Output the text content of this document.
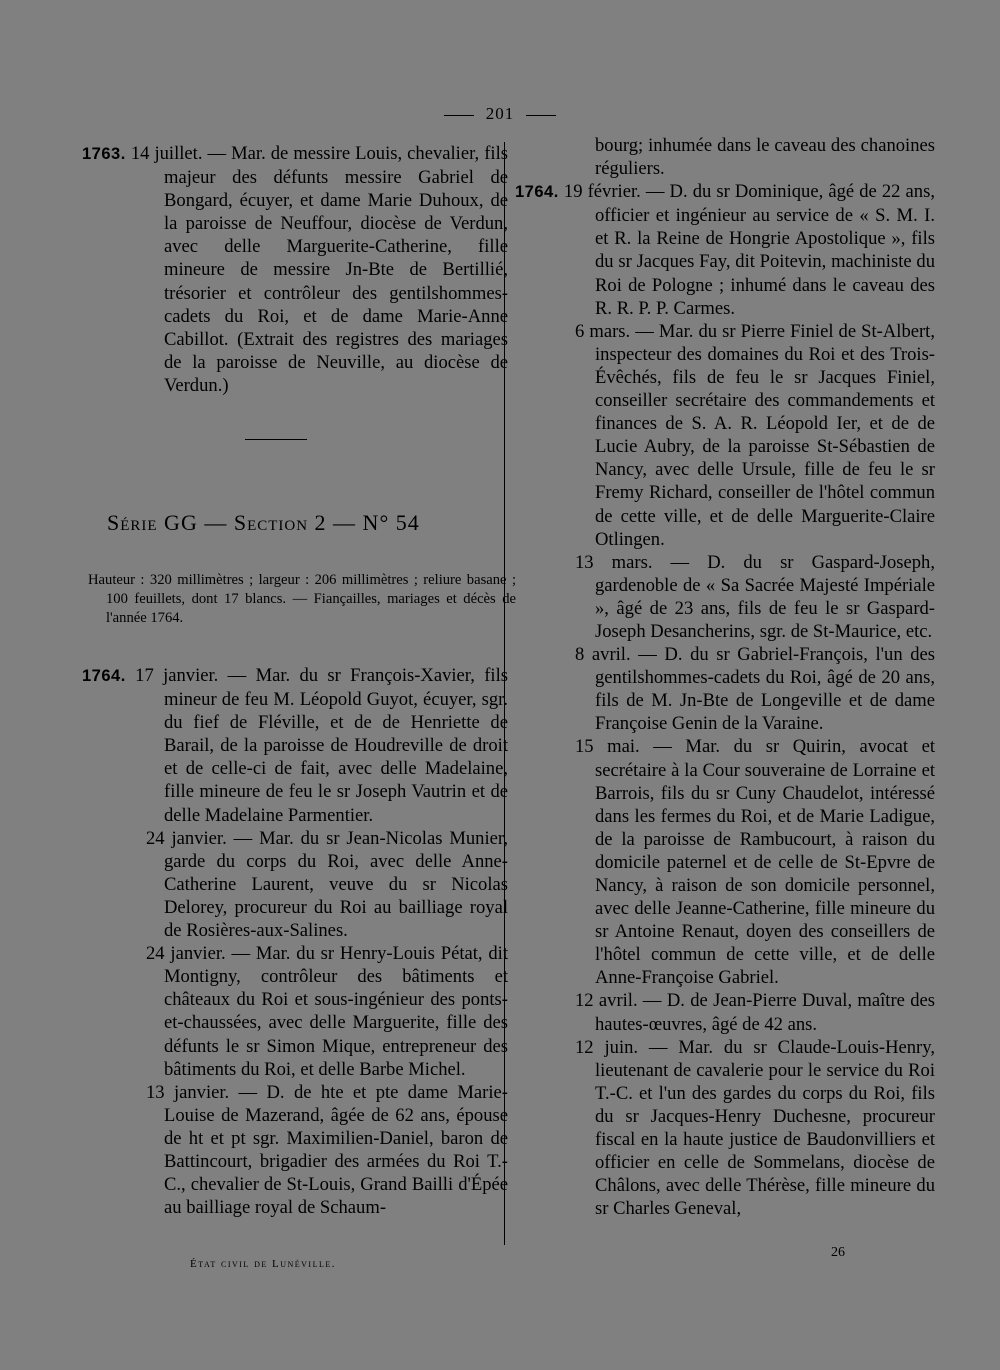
201

1763. 14 juillet. — Mar. de messire Louis, chevalier, fils majeur des défunts messire Gabriel de Bongard, écuyer, et dame Marie Duhoux, de la paroisse de Neuffour, diocèse de Verdun, avec delle Marguerite-Catherine, fille mineure de messire Jn-Bte de Bertillié, trésorier et contrôleur des gentilshommes-cadets du Roi, et de dame Marie-Anne Cabillot. (Extrait des registres des mariages de la paroisse de Neuville, au diocèse de Verdun.)

Série GG — Section 2 — N° 54
Hauteur : 320 millimètres ; largeur : 206 millimètres ; reliure basane ; 100 feuillets, dont 17 blancs. — Fiançailles, mariages et décès de l'année 1764.

1764. 17 janvier. — Mar. du sr François-Xavier, fils mineur de feu M. Léopold Guyot, écuyer, sgr. du fief de Fléville, et de de Henriette de Barail, de la paroisse de Houdreville de droit et de celle-ci de fait, avec delle Madelaine, fille mineure de feu le sr Joseph Vautrin et de delle Madelaine Parmentier.

24 janvier. — Mar. du sr Jean-Nicolas Munier, garde du corps du Roi, avec delle Anne-Catherine Laurent, veuve du sr Nicolas Delorey, procureur du Roi au bailliage royal de Rosières-aux-Salines.

24 janvier. — Mar. du sr Henry-Louis Pétat, dit Montigny, contrôleur des bâtiments et châteaux du Roi et sous-ingénieur des ponts-et-chaussées, avec delle Marguerite, fille des défunts le sr Simon Mique, entrepreneur des bâtiments du Roi, et delle Barbe Michel.

13 janvier. — D. de hte et pte dame Marie-Louise de Mazerand, âgée de 62 ans, épouse de ht et pt sgr. Maximilien-Daniel, baron de Battincourt, brigadier des armées du Roi T.-C., chevalier de St-Louis, Grand Bailli d'Épée au bailliage royal de Schaum-

bourg; inhumée dans le caveau des chanoines réguliers.

1764. 19 février. — D. du sr Dominique, âgé de 22 ans, officier et ingénieur au service de « S. M. I. et R. la Reine de Hongrie Apostolique », fils du sr Jacques Fay, dit Poitevin, machiniste du Roi de Pologne ; inhumé dans le caveau des R. R. P. P. Carmes.

6 mars. — Mar. du sr Pierre Finiel de St-Albert, inspecteur des domaines du Roi et des Trois-Évêchés, fils de feu le sr Jacques Finiel, conseiller secrétaire des commandements et finances de S. A. R. Léopold Ier, et de de Lucie Aubry, de la paroisse St-Sébastien de Nancy, avec delle Ursule, fille de feu le sr Fremy Richard, conseiller de l'hôtel commun de cette ville, et de delle Marguerite-Claire Otlingen.

13 mars. — D. du sr Gaspard-Joseph, gardenoble de « Sa Sacrée Majesté Impériale », âgé de 23 ans, fils de feu le sr Gaspard-Joseph Desancherins, sgr. de St-Maurice, etc.

8 avril. — D. du sr Gabriel-François, l'un des gentilshommes-cadets du Roi, âgé de 20 ans, fils de M. Jn-Bte de Longeville et de dame Françoise Genin de la Varaine.

15 mai. — Mar. du sr Quirin, avocat et secrétaire à la Cour souveraine de Lorraine et Barrois, fils du sr Cuny Chaudelot, intéressé dans les fermes du Roi, et de Marie Ladigue, de la paroisse de Rambucourt, à raison du domicile paternel et de celle de St-Epvre de Nancy, à raison de son domicile personnel, avec delle Jeanne-Catherine, fille mineure du sr Antoine Renaut, doyen des conseillers de l'hôtel commun de cette ville, et de delle Anne-Françoise Gabriel.

12 avril. — D. de Jean-Pierre Duval, maître des hautes-œuvres, âgé de 42 ans.

12 juin. — Mar. du sr Claude-Louis-Henry, lieutenant de cavalerie pour le service du Roi T.-C. et l'un des gardes du corps du Roi, fils du sr Jacques-Henry Duchesne, procureur fiscal en la haute justice de Baudonvilliers et officier en celle de Sommelans, diocèse de Châlons, avec delle Thérèse, fille mineure du sr Charles Geneval,

État civil de Lunéville.
26
